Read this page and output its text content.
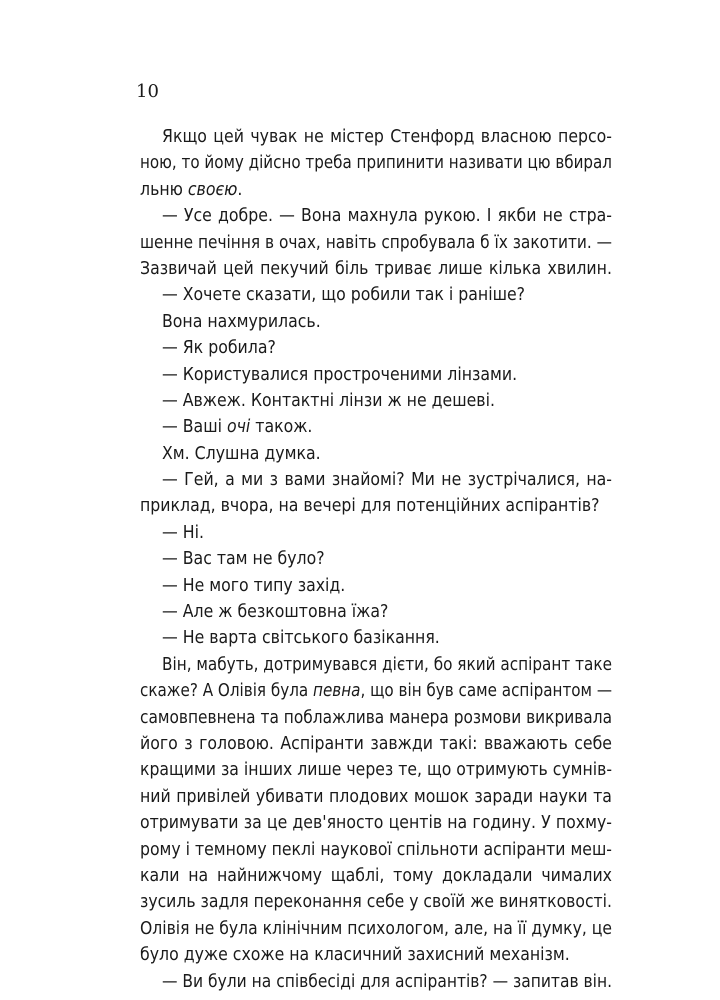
10
Якщо цей чувак не містер Стенфорд власною персо-
ною, то йому дійсно треба припинити називати цю вбирал
льню своєю.
— Усе добре. — Вона махнула рукою. І якби не стра-
шенне печіння в очах, навіть спробувала б їх закотити. —
Зазвичай цей пекучий біль триває лише кілька хвилин.
— Хочете сказати, що робили так і раніше?
Вона нахмурилась.
— Як робила?
— Користувалися простроченими лінзами.
— Авжеж. Контактні лінзи ж не дешеві.
— Ваші очі також.
Хм. Слушна думка.
— Гей, а ми з вами знайомі? Ми не зустрічалися, на-
приклад, вчора, на вечері для потенційних аспірантів?
— Ні.
— Вас там не було?
— Не мого типу захід.
— Але ж безкоштовна їжа?
— Не варта світського базікання.
Він, мабуть, дотримувався дієти, бо який аспірант таке
скаже? А Олівія була певна, що він був саме аспірантом —
самовпевнена та поблажлива манера розмови викривала
його з головою. Аспіранти завжди такі: вважають себе
кращими за інших лише через те, що отримують сумнів-
ний привілей убивати плодових мошок заради науки та
отримувати за це дев'яносто центів на годину. У похму-
рому і темному пеклі наукової спільноти аспіранти меш-
кали на найнижчому щаблі, тому докладали чималих
зусиль задля переконання себе у своїй же винятковості.
Олівія не була клінічним психологом, але, на її думку, це
було дуже схоже на класичний захисний механізм.
— Ви були на співбесіді для аспірантів? — запитав він.
